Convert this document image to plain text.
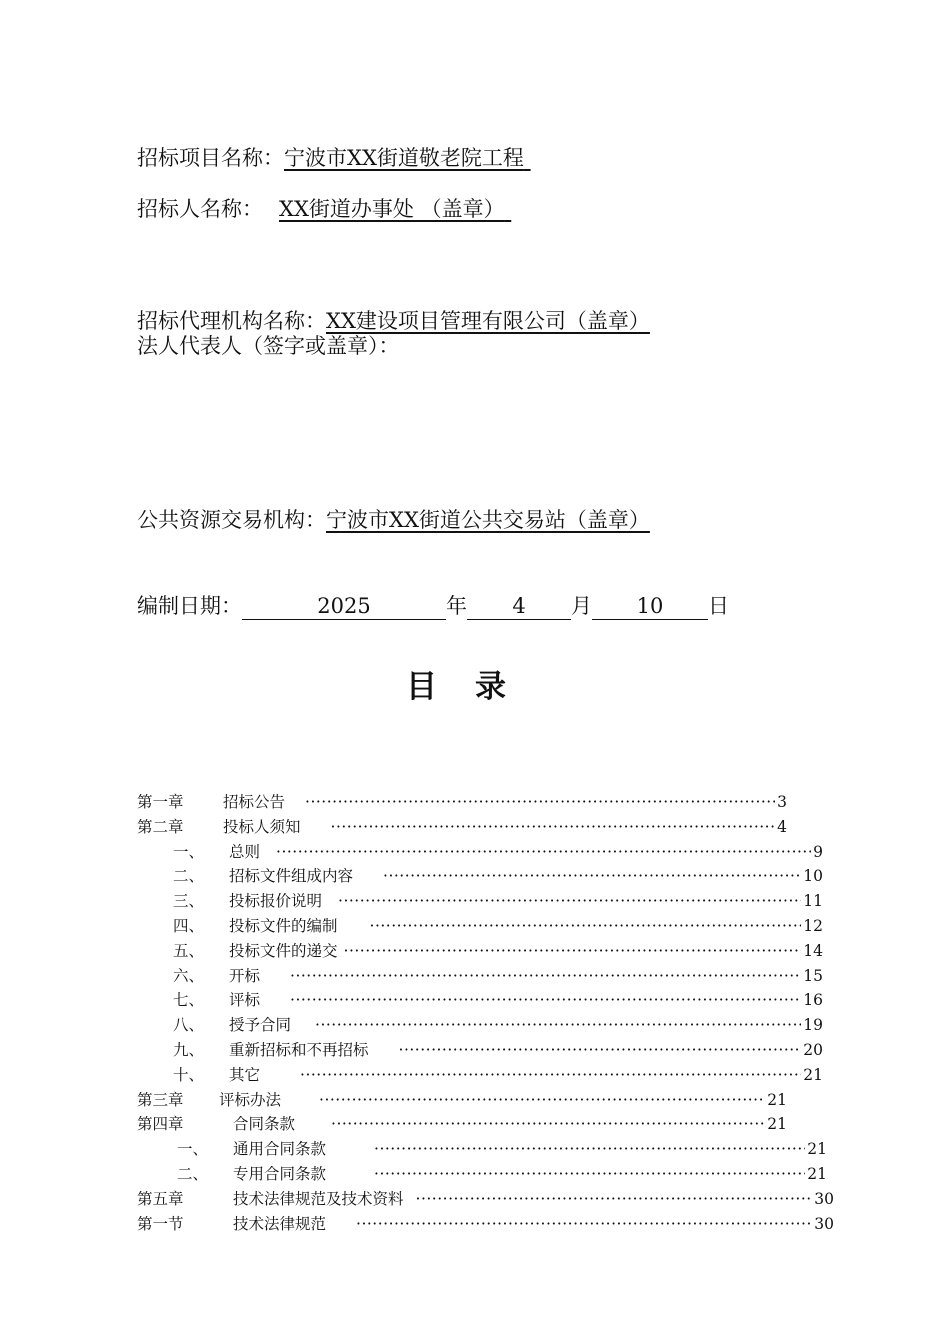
招标项目名称：宁波市XX街道敬老院工程
招标人名称： XX街道办事处 （盖章）
招标代理机构名称：XX建设项目管理有限公司（盖章）
法人代表人（签字或盖章）：
公共资源交易机构：宁波市XX街道公共交易站（盖章）
编制日期：	2025	年 4 月 10 日
目录
第一章	招标公告 ·····	3
第二章	投标人须知 ·····	4
一、	总则 ·····	9
二、	招标文件组成内容 ·····	10
三、	投标报价说明 ·····	11
四、	投标文件的编制 ·····	12
五、	投标文件的递交 ·····	14
六、	开标 ·····	15
七、	评标 ·····	16
八、	授予合同 ·····	19
九、	重新招标和不再招标 ·····	20
十、	其它 ·····	21
第三章	评标办法 ·····	21
第四章	合同条款 ·····	21
一、	通用合同条款 ·····	21
二、	专用合同条款 ·····	21
第五章	技术法律规范及技术资料 ·····	30
第一节	技术法律规范 ·····	30
